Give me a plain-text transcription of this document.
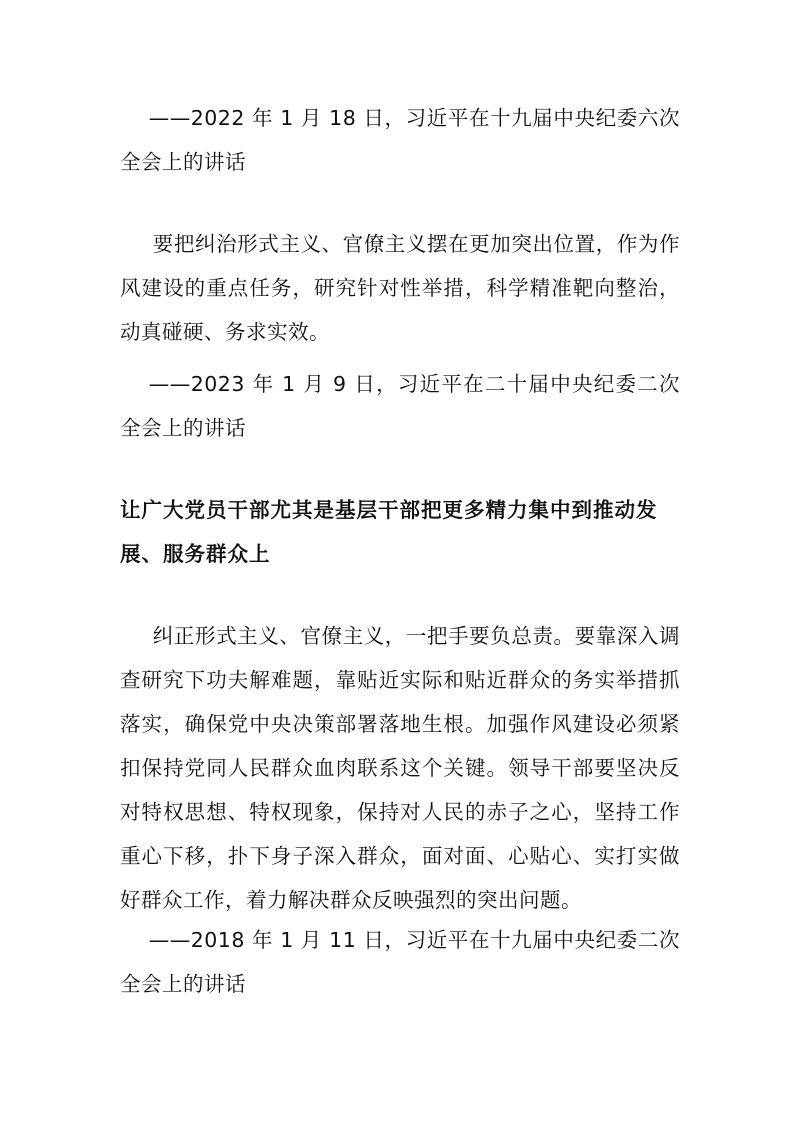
——2022 年 1 月 18 日，习近平在十九届中央纪委六次全会上的讲话

要把纠治形式主义、官僚主义摆在更加突出位置，作为作风建设的重点任务，研究针对性举措，科学精准靶向整治，动真碰硬、务求实效。

——2023 年 1 月 9 日，习近平在二十届中央纪委二次全会上的讲话

让广大党员干部尤其是基层干部把更多精力集中到推动发展、服务群众上

纠正形式主义、官僚主义，一把手要负总责。要靠深入调查研究下功夫解难题，靠贴近实际和贴近群众的务实举措抓落实，确保党中央决策部署落地生根。加强作风建设必须紧扣保持党同人民群众血肉联系这个关键。领导干部要坚决反对特权思想、特权现象，保持对人民的赤子之心，坚持工作重心下移，扑下身子深入群众，面对面、心贴心、实打实做好群众工作，着力解决群众反映强烈的突出问题。

——2018 年 1 月 11 日，习近平在十九届中央纪委二次全会上的讲话
